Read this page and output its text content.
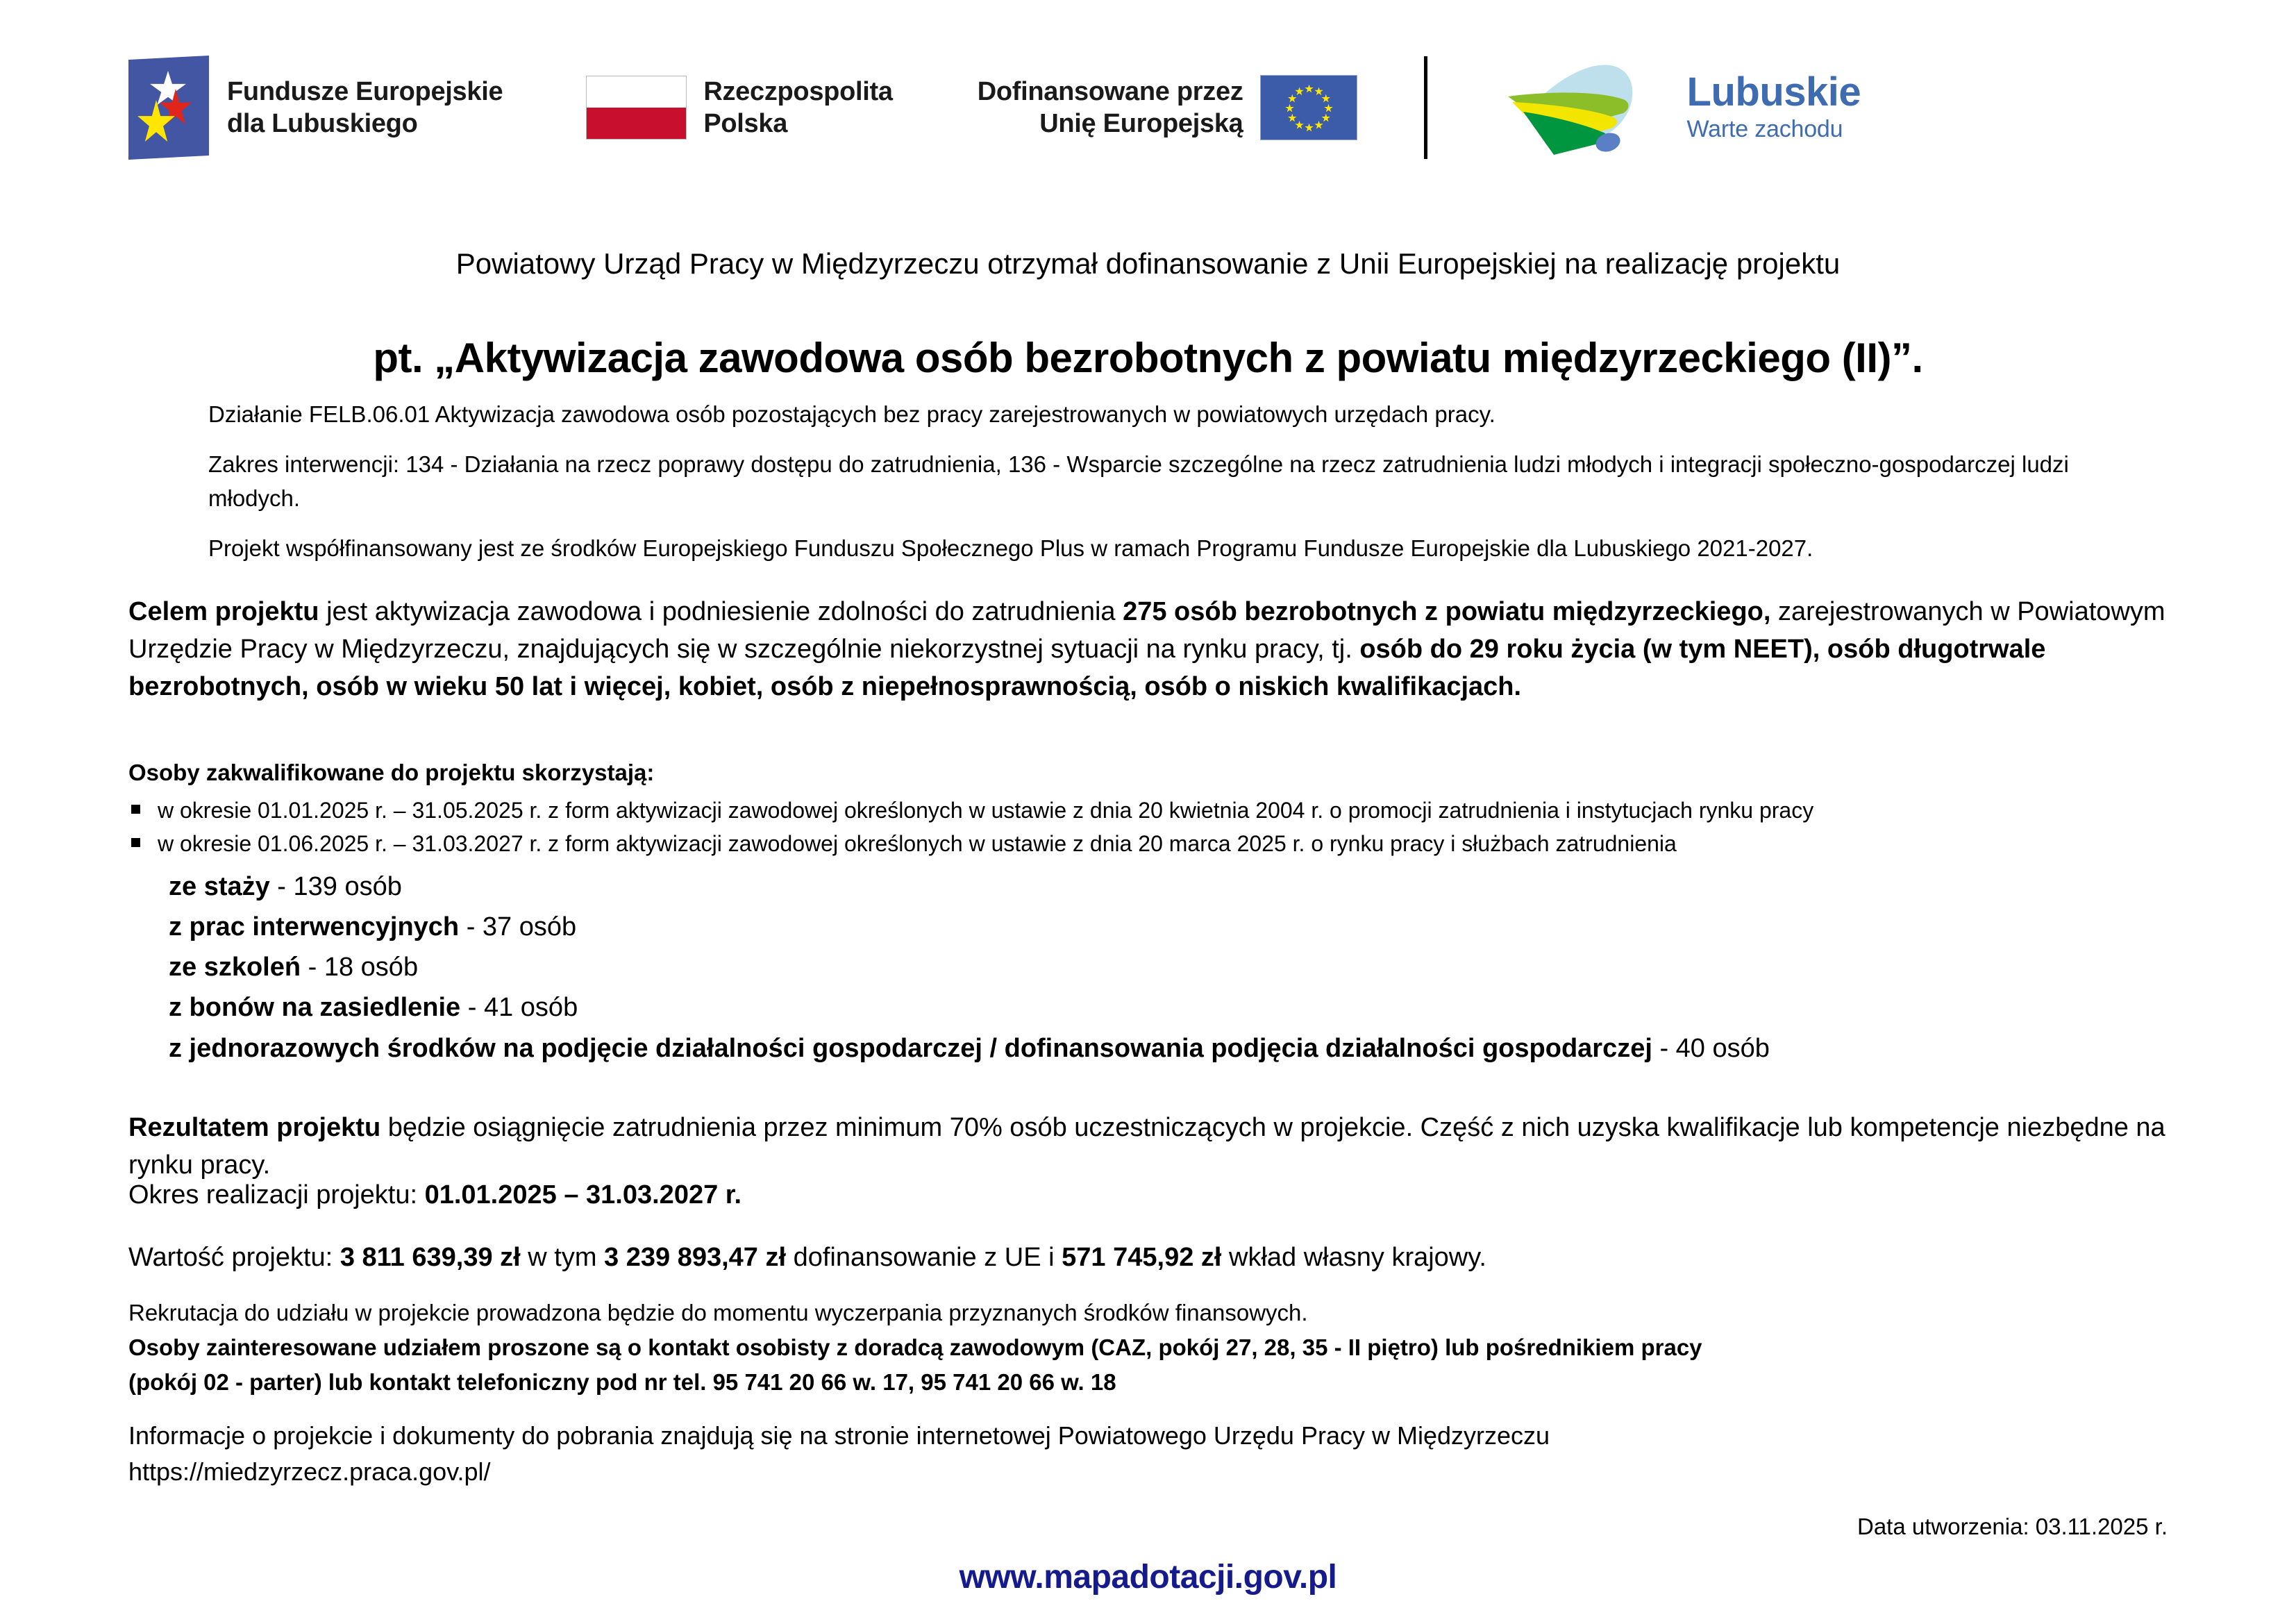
Fundusze Europejskie
dla Lubuskiego
Rzeczpospolita
Polska
Dofinansowane przez
Unię Europejską
Lubuskie
Warte zachodu
Powiatowy Urząd Pracy w Międzyrzeczu otrzymał dofinansowanie z Unii Europejskiej na realizację projektu
pt. „Aktywizacja zawodowa osób bezrobotnych z powiatu międzyrzeckiego (II)”.

Działanie FELB.06.01 Aktywizacja zawodowa osób pozostających bez pracy zarejestrowanych w powiatowych urzędach pracy.

Zakres interwencji: 134 - Działania na rzecz poprawy dostępu do zatrudnienia, 136 - Wsparcie szczególne na rzecz zatrudnienia ludzi młodych i integracji społeczno-gospodarczej ludzi młodych.

Projekt współfinansowany jest ze środków Europejskiego Funduszu Społecznego Plus w ramach Programu Fundusze Europejskie dla Lubuskiego 2021-2027.

Celem projektu jest aktywizacja zawodowa i podniesienie zdolności do zatrudnienia 275 osób bezrobotnych z powiatu międzyrzeckiego, zarejestrowanych w Powiatowym Urzędzie Pracy w Międzyrzeczu, znajdujących się w szczególnie niekorzystnej sytuacji na rynku pracy, tj. osób do 29 roku życia (w tym NEET), osób długotrwale bezrobotnych, osób w wieku 50 lat i więcej, kobiet, osób z niepełnosprawnością, osób o niskich kwalifikacjach.

Osoby zakwalifikowane do projektu skorzystają:
w okresie 01.01.2025 r. – 31.05.2025 r. z form aktywizacji zawodowej określonych w ustawie z dnia 20 kwietnia 2004 r. o promocji zatrudnienia i instytucjach rynku pracy
w okresie 01.06.2025 r. – 31.03.2027 r. z form aktywizacji zawodowej określonych w ustawie z dnia 20 marca 2025 r. o rynku pracy i służbach zatrudnienia
ze staży - 139 osób
z prac interwencyjnych - 37 osób
ze szkoleń - 18 osób
z bonów na zasiedlenie - 41 osób
z jednorazowych środków na podjęcie działalności gospodarczej / dofinansowania podjęcia działalności gospodarczej - 40 osób

Rezultatem projektu będzie osiągnięcie zatrudnienia przez minimum 70% osób uczestniczących w projekcie. Część z nich uzyska kwalifikacje lub kompetencje niezbędne na rynku pracy.

Okres realizacji projektu: 01.01.2025 – 31.03.2027 r.
Wartość projektu: 3 811 639,39 zł w tym 3 239 893,47 zł dofinansowanie z UE i 571 745,92 zł wkład własny krajowy.
Rekrutacja do udziału w projekcie prowadzona będzie do momentu wyczerpania przyznanych środków finansowych.
Osoby zainteresowane udziałem proszone są o kontakt osobisty z doradcą zawodowym (CAZ, pokój 27, 28, 35 - II piętro) lub pośrednikiem pracy
(pokój 02 - parter) lub kontakt telefoniczny pod nr tel. 95 741 20 66 w. 17, 95 741 20 66 w. 18
Informacje o projekcie i dokumenty do pobrania znajdują się na stronie internetowej Powiatowego Urzędu Pracy w Międzyrzeczu
https://miedzyrzecz.praca.gov.pl/
Data utworzenia: 03.11.2025 r.
www.mapadotacji.gov.pl
